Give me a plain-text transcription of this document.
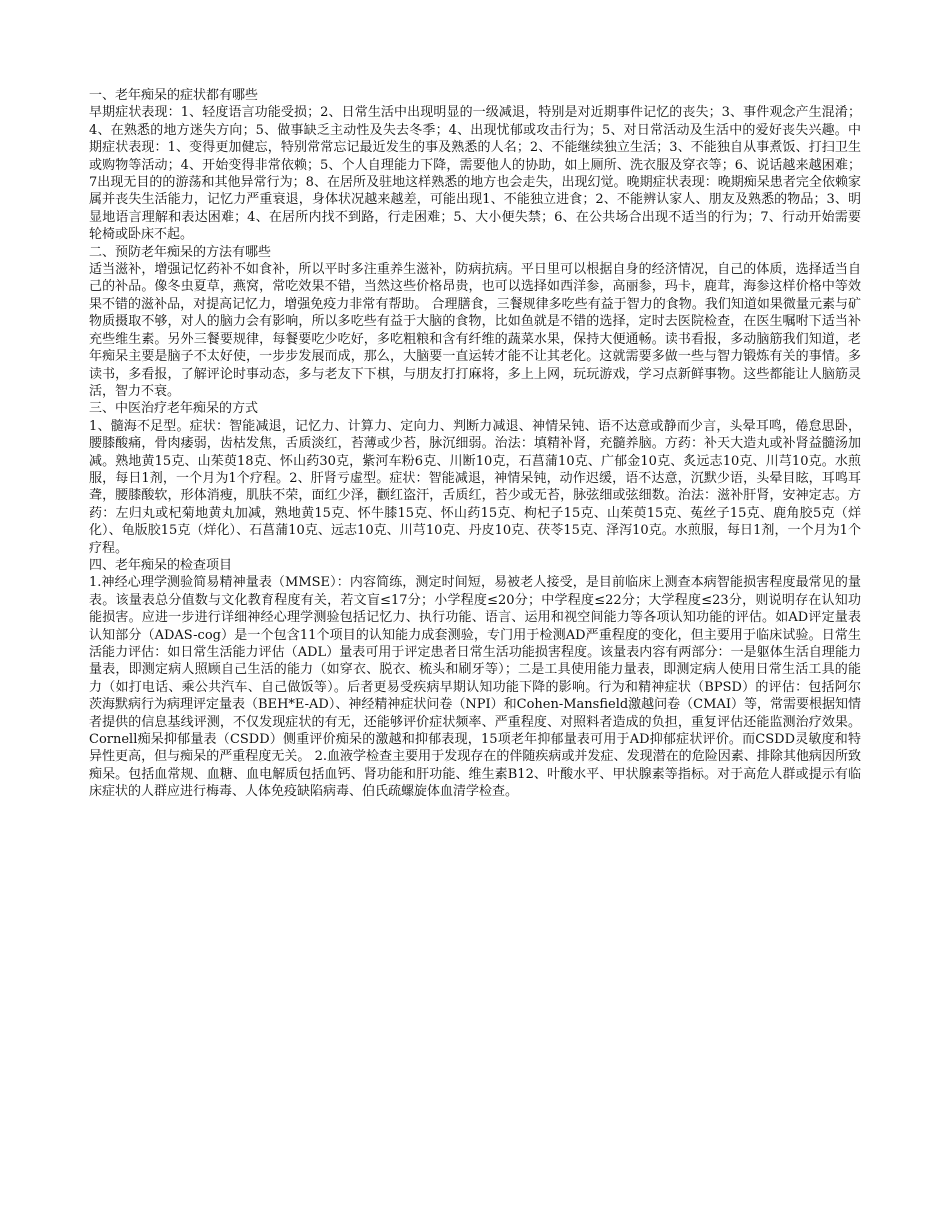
一、老年痴呆的症状都有哪些

早期症状表现：1、轻度语言功能受损；2、日常生活中出现明显的一级减退，特别是对近期事件记忆的丧失；3、事件观念产生混淆；4、在熟悉的地方迷失方向；5、做事缺乏主动性及失去冬季；4、出现忧郁或攻击行为；5、对日常活动及生活中的爱好丧失兴趣。中期症状表现：1、变得更加健忘，特别常常忘记最近发生的事及熟悉的人名；2、不能继续独立生活；3、不能独自从事煮饭、打扫卫生或购物等活动；4、开始变得非常依赖；5、个人自理能力下降，需要他人的协助，如上厕所、洗衣服及穿衣等；6、说话越来越困难；7出现无目的的游荡和其他异常行为；8、在居所及驻地这样熟悉的地方也会走失，出现幻觉。晚期症状表现：晚期痴呆患者完全依赖家属并丧失生活能力，记忆力严重衰退，身体状况越来越差，可能出现1、不能独立进食；2、不能辨认家人、朋友及熟悉的物品；3、明显地语言理解和表达困难；4、在居所内找不到路，行走困难；5、大小便失禁；6、在公共场合出现不适当的行为；7、行动开始需要轮椅或卧床不起。

二、预防老年痴呆的方法有哪些

适当滋补，增强记忆药补不如食补，所以平时多注重养生滋补，防病抗病。平日里可以根据自身的经济情况，自己的体质，选择适当自己的补品。像冬虫夏草，燕窝，常吃效果不错，当然这些价格昂贵，也可以选择如西洋参，高丽参，玛卡，鹿茸，海参这样价格中等效果不错的滋补品，对提高记忆力，增强免疫力非常有帮助。 合理膳食，三餐规律多吃些有益于智力的食物。我们知道如果微量元素与矿物质摄取不够，对人的脑力会有影响，所以多吃些有益于大脑的食物，比如鱼就是不错的选择，定时去医院检查，在医生嘱咐下适当补充些维生素。另外三餐要规律，每餐要吃少吃好，多吃粗粮和含有纤维的蔬菜水果，保持大便通畅。读书看报，多动脑筋我们知道，老年痴呆主要是脑子不太好使，一步步发展而成，那么，大脑要一直运转才能不让其老化。这就需要多做一些与智力锻炼有关的事情。多读书，多看报，了解评论时事动态，多与老友下下棋，与朋友打打麻将，多上上网，玩玩游戏，学习点新鲜事物。这些都能让人脑筋灵活，智力不衰。

三、中医治疗老年痴呆的方式

1、髓海不足型。症状：智能减退，记忆力、计算力、定向力、判断力减退、神情呆钝、语不达意或静而少言，头晕耳鸣，倦怠思卧，腰膝酸痛，骨肉痿弱，齿枯发焦，舌质淡红，苔薄或少苔，脉沉细弱。治法：填精补肾，充髓养脑。方药：补天大造丸或补肾益髓汤加减。熟地黄15克、山茱萸18克、怀山药30克，紫河车粉6克、川断10克，石菖蒲10克、广郁金10克、炙远志10克、川芎10克。水煎服，每日1剂，一个月为1个疗程。2、肝肾亏虚型。症状：智能减退，神情呆钝，动作迟缓，语不达意，沉默少语，头晕目眩，耳鸣耳聋，腰膝酸软，形体消瘦，肌肤不荣，面红少泽，颧红盗汗，舌质红，苔少或无苔，脉弦细或弦细数。治法：滋补肝肾，安神定志。方药：左归丸或杞菊地黄丸加减，熟地黄15克、怀牛膝15克、怀山药15克、枸杞子15克、山茱萸15克、菟丝子15克、鹿角胶5克（烊化）、龟版胶15克（烊化）、石菖蒲10克、远志10克、川芎10克、丹皮10克、茯苓15克、泽泻10克。水煎服，每日1剂，一个月为1个疗程。

四、老年痴呆的检查项目

1.神经心理学测验简易精神量表（MMSE）：内容简练，测定时间短，易被老人接受，是目前临床上测查本病智能损害程度最常见的量表。该量表总分值数与文化教育程度有关，若文盲≤17分；小学程度≤20分；中学程度≤22分；大学程度≤23分，则说明存在认知功能损害。应进一步进行详细神经心理学测验包括记忆力、执行功能、语言、运用和视空间能力等各项认知功能的评估。如AD评定量表认知部分（ADAS-cog）是一个包含11个项目的认知能力成套测验，专门用于检测AD严重程度的变化，但主要用于临床试验。日常生活能力评估：如日常生活能力评估（ADL）量表可用于评定患者日常生活功能损害程度。该量表内容有两部分：一是躯体生活自理能力量表，即测定病人照顾自己生活的能力（如穿衣、脱衣、梳头和刷牙等）；二是工具使用能力量表，即测定病人使用日常生活工具的能力（如打电话、乘公共汽车、自己做饭等）。后者更易受疾病早期认知功能下降的影响。行为和精神症状（BPSD）的评估：包括阿尔茨海默病行为病理评定量表（BEH*E-AD）、神经精神症状问卷（NPI）和Cohen-Mansfield激越问卷（CMAI）等，常需要根据知情者提供的信息基线评测，不仅发现症状的有无，还能够评价症状频率、严重程度、对照料者造成的负担，重复评估还能监测治疗效果。Cornell痴呆抑郁量表（CSDD）侧重评价痴呆的激越和抑郁表现，15项老年抑郁量表可用于AD抑郁症状评价。而CSDD灵敏度和特异性更高，但与痴呆的严重程度无关。 2.血液学检查主要用于发现存在的伴随疾病或并发症、发现潜在的危险因素、排除其他病因所致痴呆。包括血常规、血糖、血电解质包括血钙、肾功能和肝功能、维生素B12、叶酸水平、甲状腺素等指标。对于高危人群或提示有临床症状的人群应进行梅毒、人体免疫缺陷病毒、伯氏疏螺旋体血清学检查。
